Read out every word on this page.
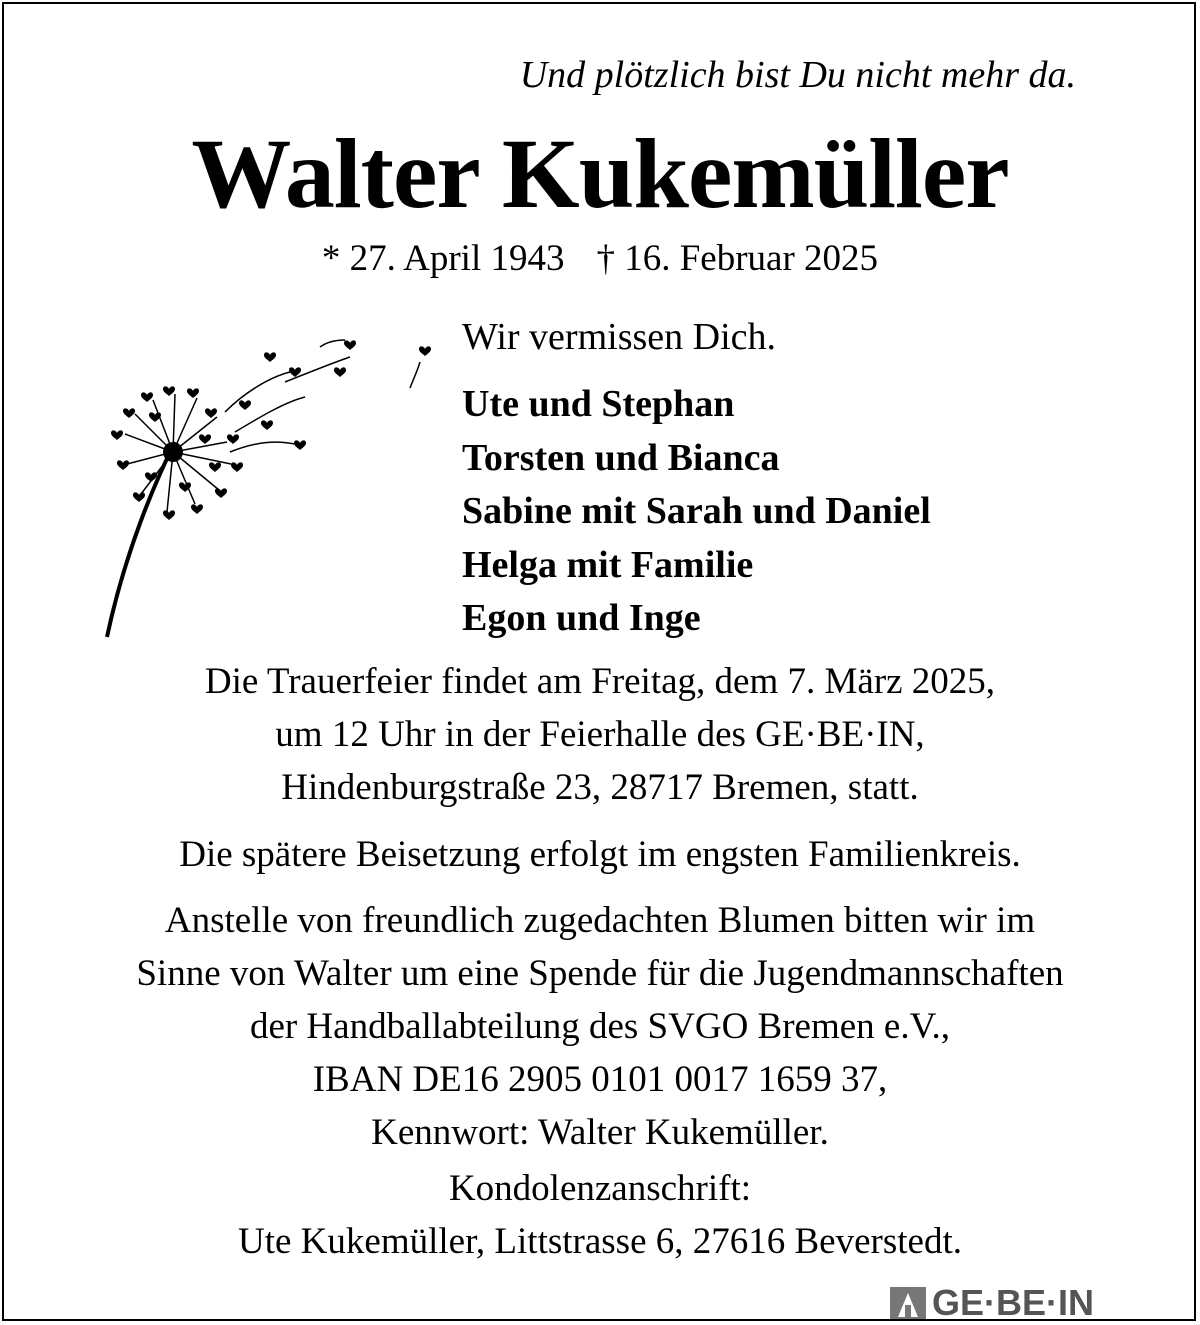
Und plötzlich bist Du nicht mehr da.
Walter Kukemüller
* 27. April 1943 † 16. Februar 2025
Wir vermissen Dich.
Ute und Stephan
Torsten und Bianca
Sabine mit Sarah und Daniel
Helga mit Familie
Egon und Inge
Die Trauerfeier findet am Freitag, dem 7. März 2025,
um 12 Uhr in der Feierhalle des GE·BE·IN,
Hindenburgstraße 23, 28717 Bremen, statt.
Die spätere Beisetzung erfolgt im engsten Familienkreis.
Anstelle von freundlich zugedachten Blumen bitten wir im
Sinne von Walter um eine Spende für die Jugendmannschaften
der Handballabteilung des SVGO Bremen e.V.,
IBAN DE16 2905 0101 0017 1659 37,
Kennwort: Walter Kukemüller.
Kondolenzanschrift:
Ute Kukemüller, Littstrasse 6, 27616 Beverstedt.
GE·BE·IN
